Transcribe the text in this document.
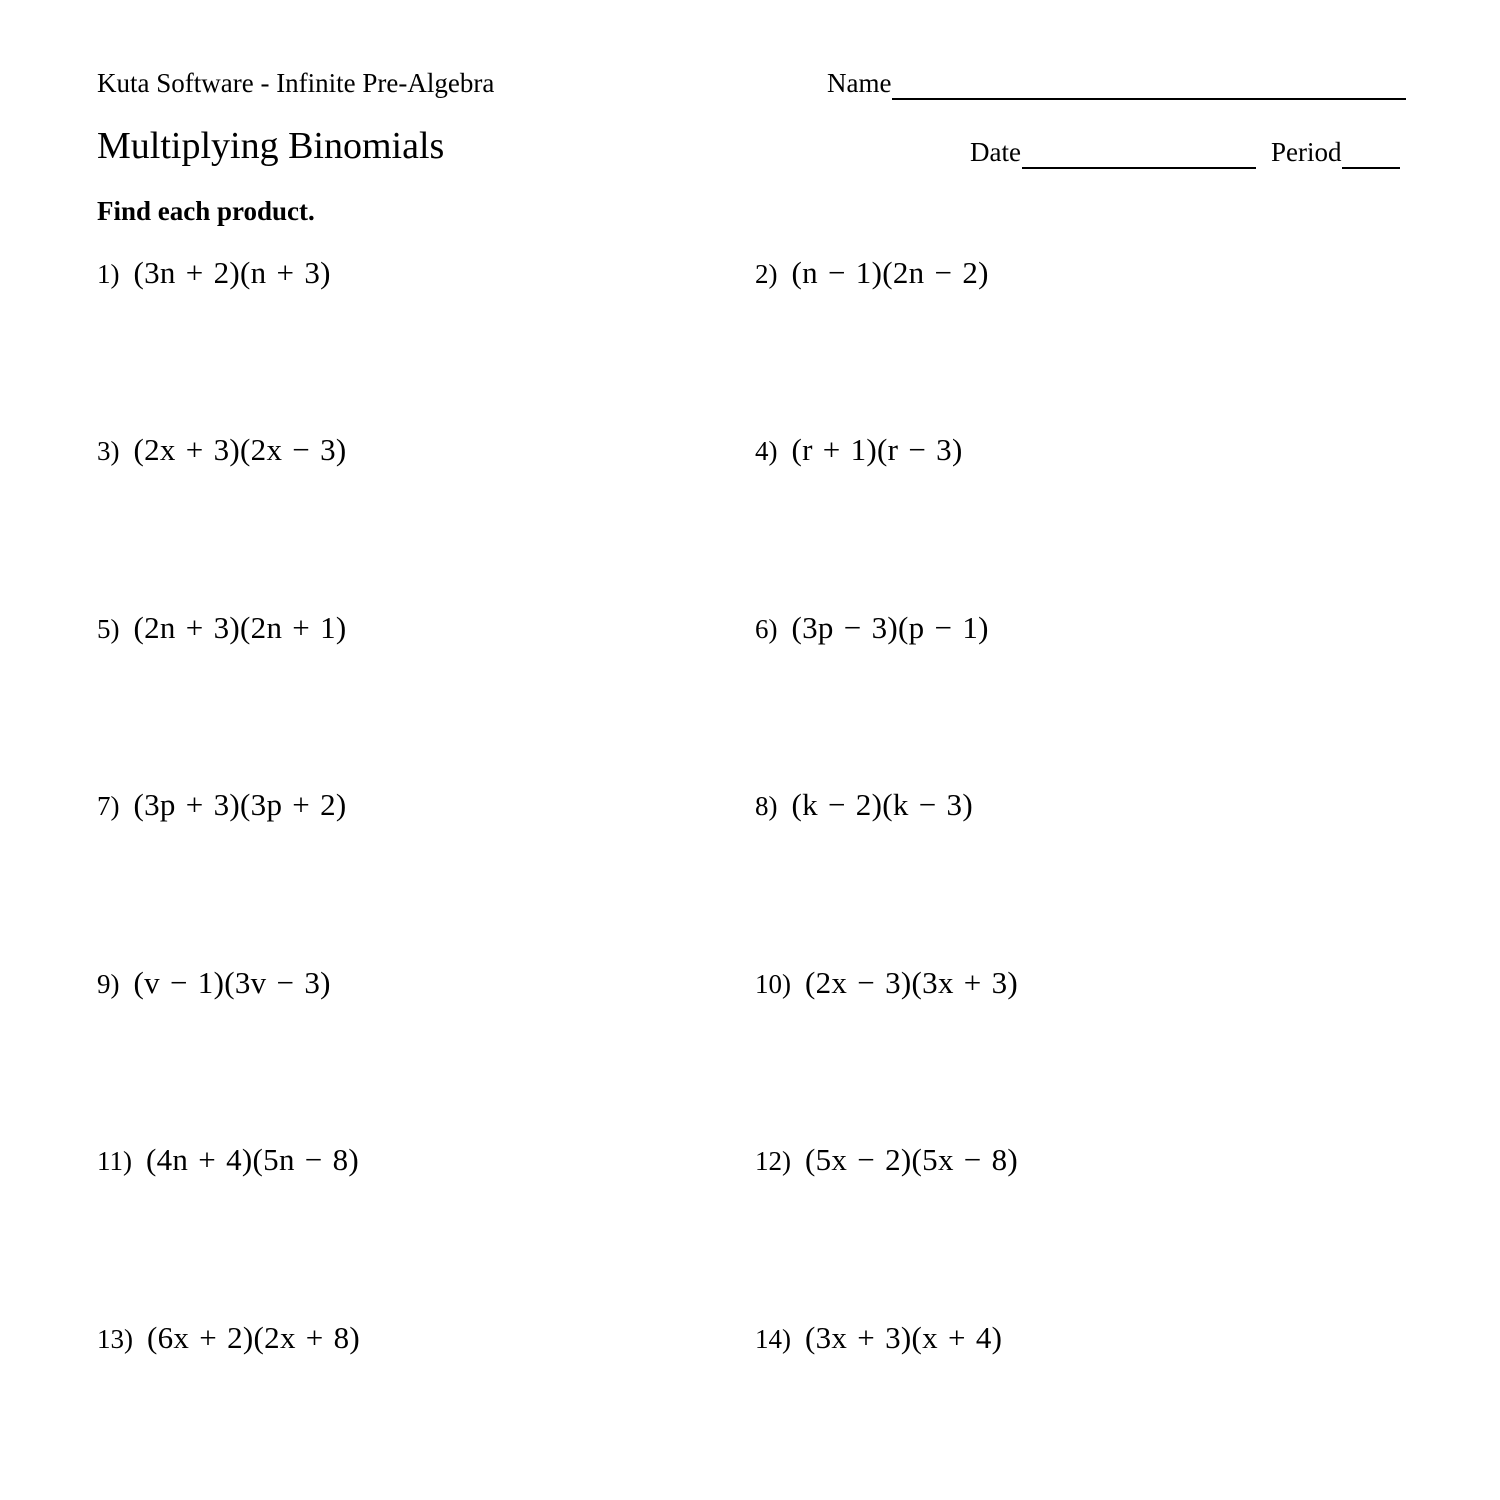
Kuta Software - Infinite Pre-Algebra	Name
Multiplying Binomials	Date	Period
Find each product.
1) (3n + 2)(n + 3)	2) (n − 1)(2n − 2)
3) (2x + 3)(2x − 3)	4) (r + 1)(r − 3)
5) (2n + 3)(2n + 1)	6) (3p − 3)(p − 1)
7) (3p + 3)(3p + 2)	8) (k − 2)(k − 3)
9) (v − 1)(3v − 3)	10) (2x − 3)(3x + 3)
11) (4n + 4)(5n − 8)	12) (5x − 2)(5x − 8)
13) (6x + 2)(2x + 8)	14) (3x + 3)(x + 4)
